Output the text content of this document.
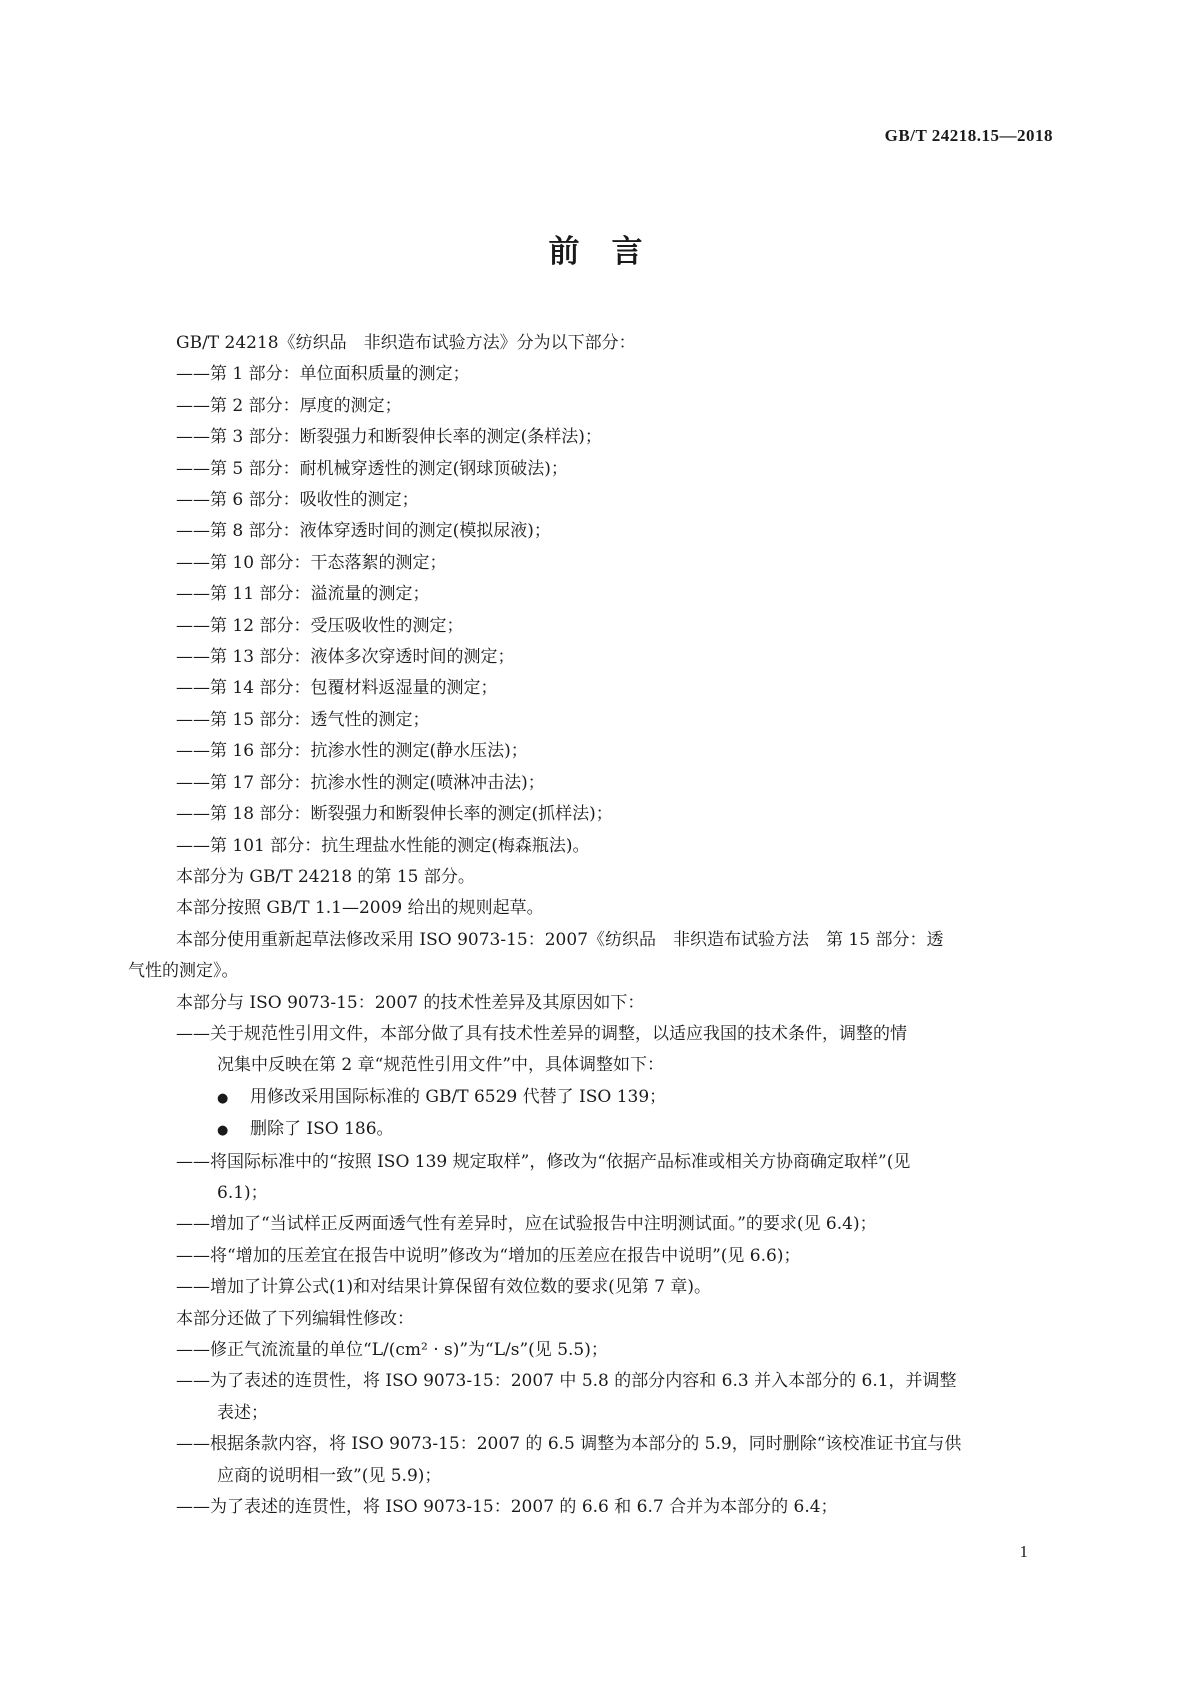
GB/T 24218.15—2018
前言
GB/T 24218《纺织品　非织造布试验方法》分为以下部分：
——第 1 部分：单位面积质量的测定；
——第 2 部分：厚度的测定；
——第 3 部分：断裂强力和断裂伸长率的测定(条样法)；
——第 5 部分：耐机械穿透性的测定(钢球顶破法)；
——第 6 部分：吸收性的测定；
——第 8 部分：液体穿透时间的测定(模拟尿液)；
——第 10 部分：干态落絮的测定；
——第 11 部分：溢流量的测定；
——第 12 部分：受压吸收性的测定；
——第 13 部分：液体多次穿透时间的测定；
——第 14 部分：包覆材料返湿量的测定；
——第 15 部分：透气性的测定；
——第 16 部分：抗渗水性的测定(静水压法)；
——第 17 部分：抗渗水性的测定(喷淋冲击法)；
——第 18 部分：断裂强力和断裂伸长率的测定(抓样法)；
——第 101 部分：抗生理盐水性能的测定(梅森瓶法)。
本部分为 GB/T 24218 的第 15 部分。
本部分按照 GB/T 1.1—2009 给出的规则起草。
本部分使用重新起草法修改采用 ISO 9073-15：2007《纺织品　非织造布试验方法　第 15 部分：透
气性的测定》。
本部分与 ISO 9073-15：2007 的技术性差异及其原因如下：
——关于规范性引用文件，本部分做了具有技术性差异的调整，以适应我国的技术条件，调整的情
况集中反映在第 2 章“规范性引用文件”中，具体调整如下：
● 用修改采用国际标准的 GB/T 6529 代替了 ISO 139；
● 删除了 ISO 186。
——将国际标准中的“按照 ISO 139 规定取样”，修改为“依据产品标准或相关方协商确定取样”(见
6.1)；
——增加了“当试样正反两面透气性有差异时，应在试验报告中注明测试面。”的要求(见 6.4)；
——将“增加的压差宜在报告中说明”修改为“增加的压差应在报告中说明”(见 6.6)；
——增加了计算公式(1)和对结果计算保留有效位数的要求(见第 7 章)。
本部分还做了下列编辑性修改：
——修正气流流量的单位“L/(cm² · s)”为“L/s”(见 5.5)；
——为了表述的连贯性，将 ISO 9073-15：2007 中 5.8 的部分内容和 6.3 并入本部分的 6.1，并调整
表述；
——根据条款内容，将 ISO 9073-15：2007 的 6.5 调整为本部分的 5.9，同时删除“该校准证书宜与供
应商的说明相一致”(见 5.9)；
——为了表述的连贯性，将 ISO 9073-15：2007 的 6.6 和 6.7 合并为本部分的 6.4；
1
